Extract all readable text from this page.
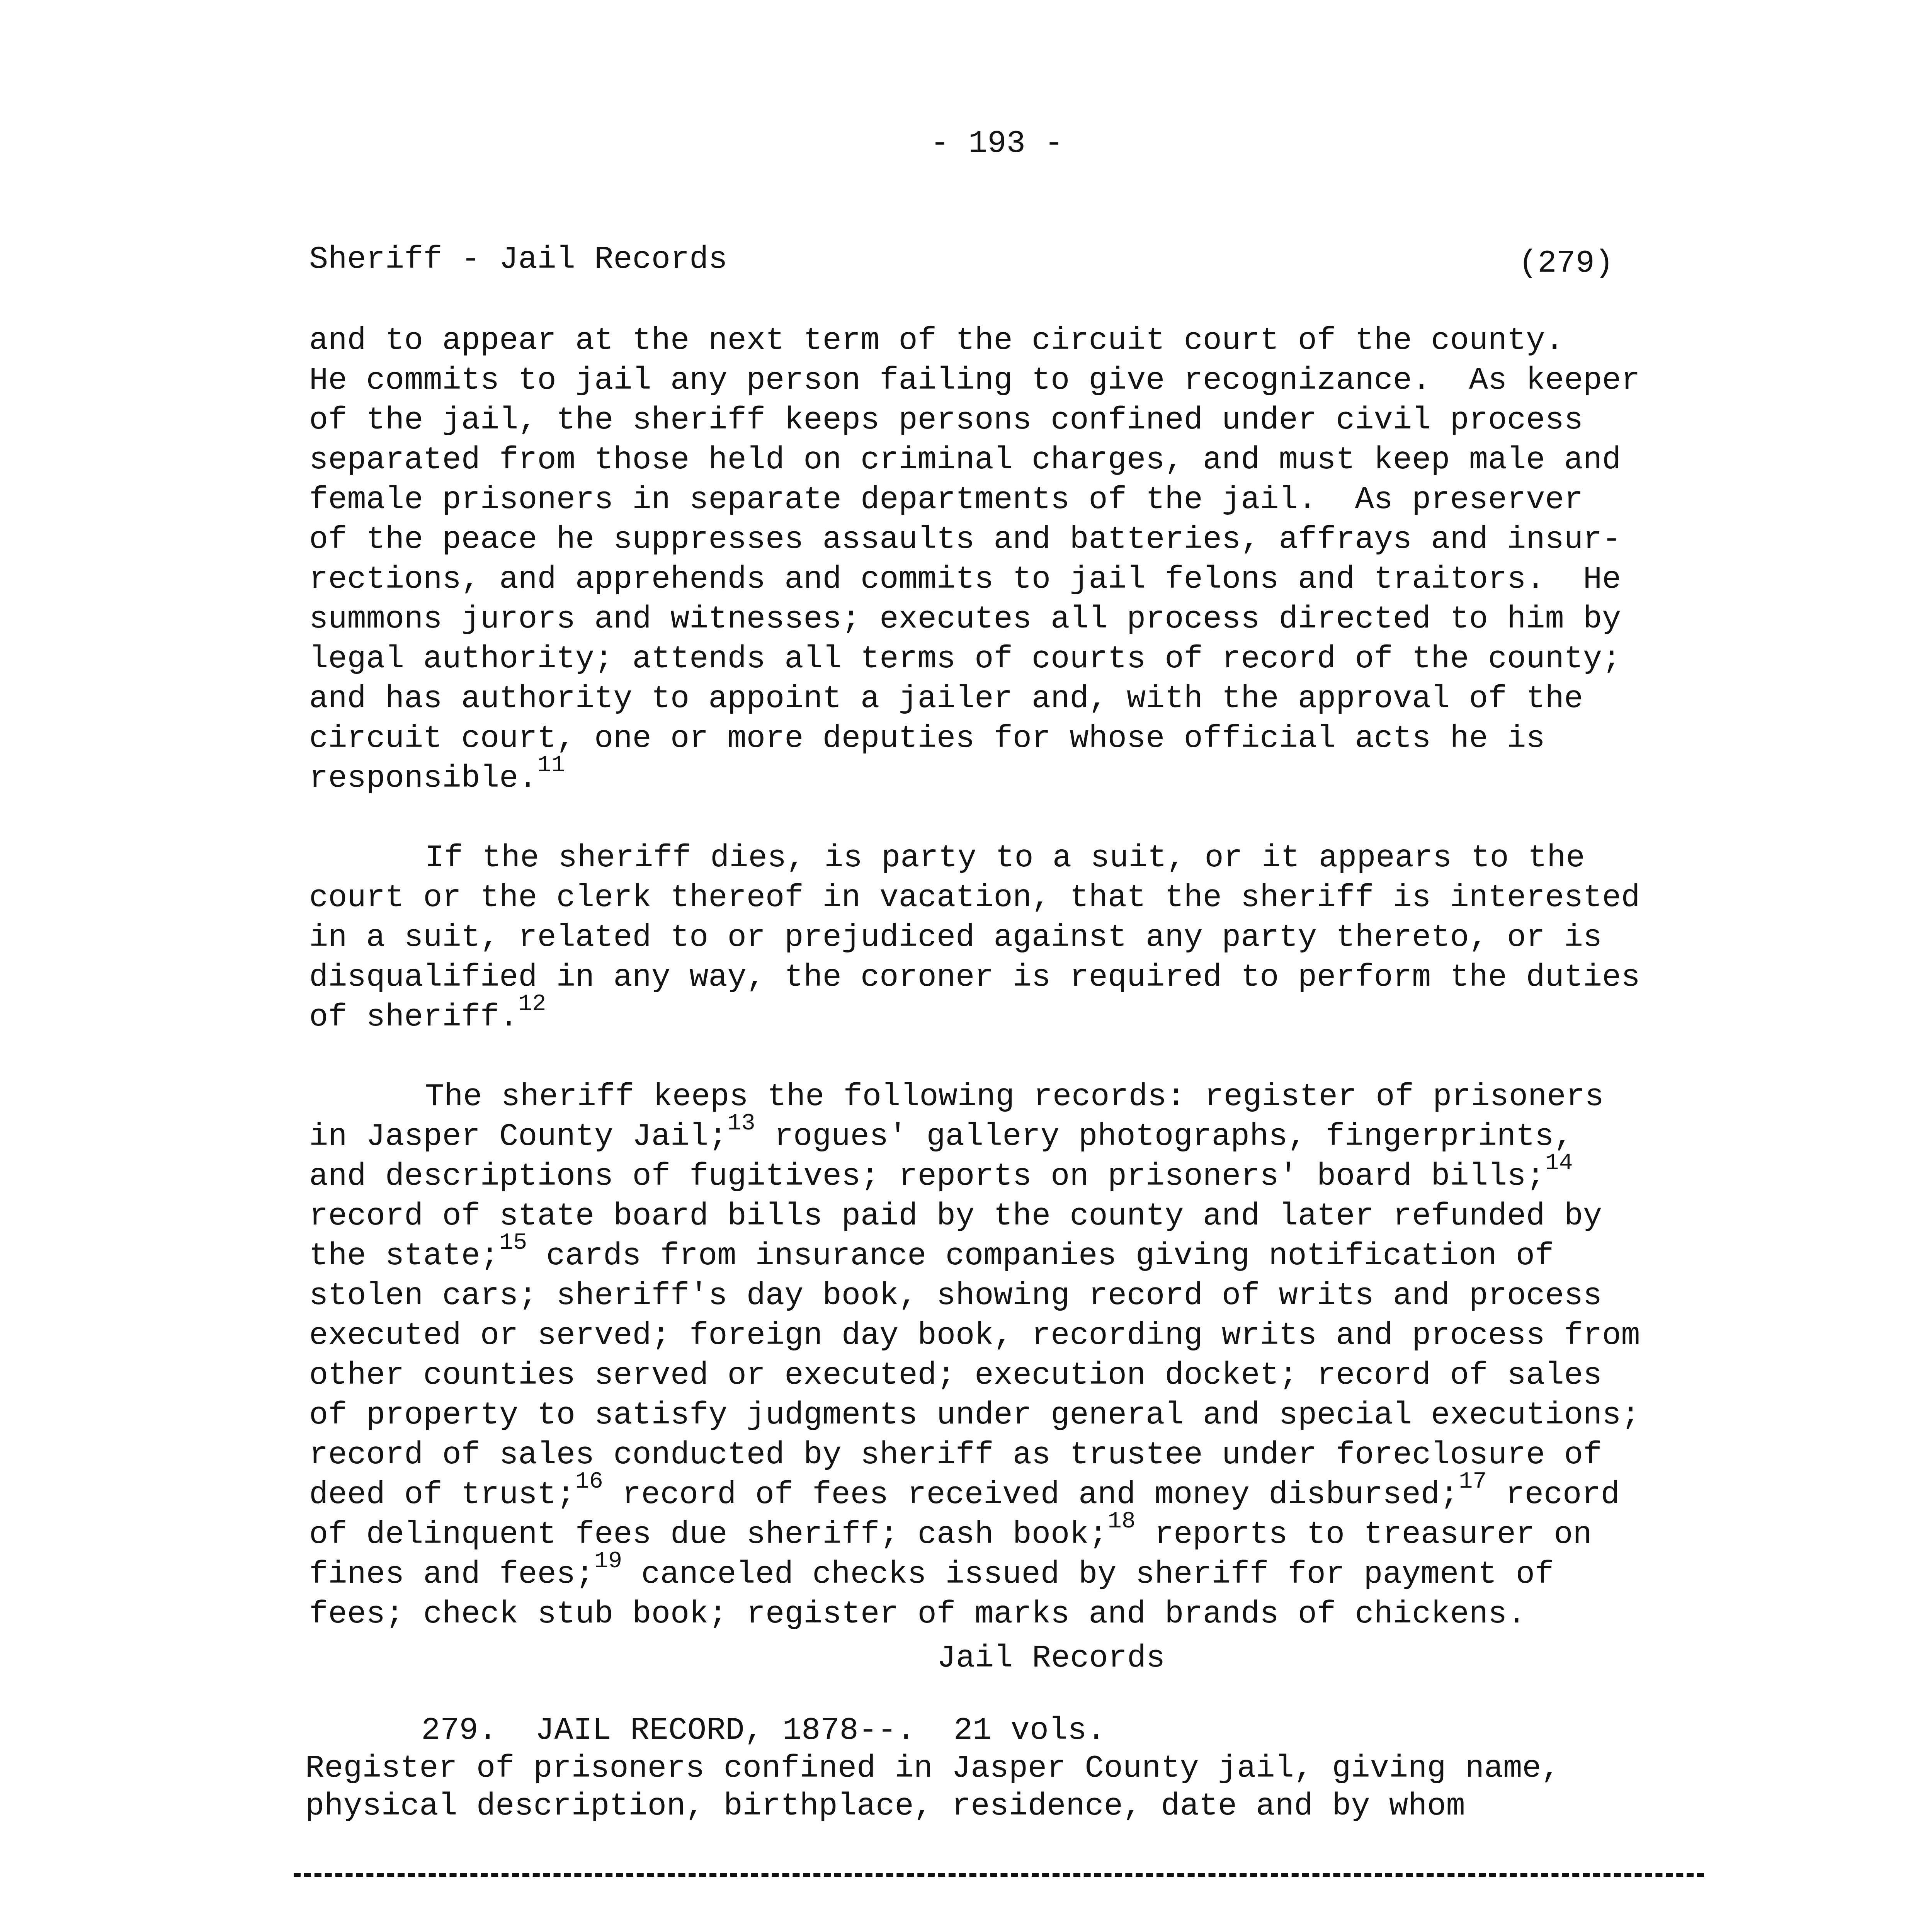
- 193 -
Sheriff - Jail Records	(279)
and to appear at the next term of the circuit court of the county.
He commits to jail any person failing to give recognizance.  As keeper
of the jail, the sheriff keeps persons confined under civil process
separated from those held on criminal charges, and must keep male and
female prisoners in separate departments of the jail.  As preserver
of the peace he suppresses assaults and batteries, affrays and insur-
rections, and apprehends and commits to jail felons and traitors.  He
summons jurors and witnesses; executes all process directed to him by
legal authority; attends all terms of courts of record of the county;
and has authority to appoint a jailer and, with the approval of the
circuit court, one or more deputies for whose official acts he is
responsible.$^{11}$
If the sheriff dies, is party to a suit, or it appears to the
court or the clerk thereof in vacation, that the sheriff is interested
in a suit, related to or prejudiced against any party thereto, or is
disqualified in any way, the coroner is required to perform the duties
of sheriff.$^{12}$
The sheriff keeps the following records: register of prisoners
in Jasper County Jail;$^{13}$ rogues' gallery photographs, fingerprints,
and descriptions of fugitives; reports on prisoners' board bills;$^{14}$
record of state board bills paid by the county and later refunded by
the state;$^{15}$ cards from insurance companies giving notification of
stolen cars; sheriff's day book, showing record of writs and process
executed or served; foreign day book, recording writs and process from
other counties served or executed; execution docket; record of sales
of property to satisfy judgments under general and special executions;
record of sales conducted by sheriff as trustee under foreclosure of
deed of trust;$^{16}$ record of fees received and money disbursed;$^{17}$ record
of delinquent fees due sheriff; cash book;$^{18}$ reports to treasurer on
fines and fees;$^{19}$ canceled checks issued by sheriff for payment of
fees; check stub book; register of marks and brands of chickens.
Jail Records
279. JAIL RECORD, 1878--. 21 vols.
Register of prisoners confined in Jasper County jail, giving name,
physical description, birthplace, residence, date and by whom
